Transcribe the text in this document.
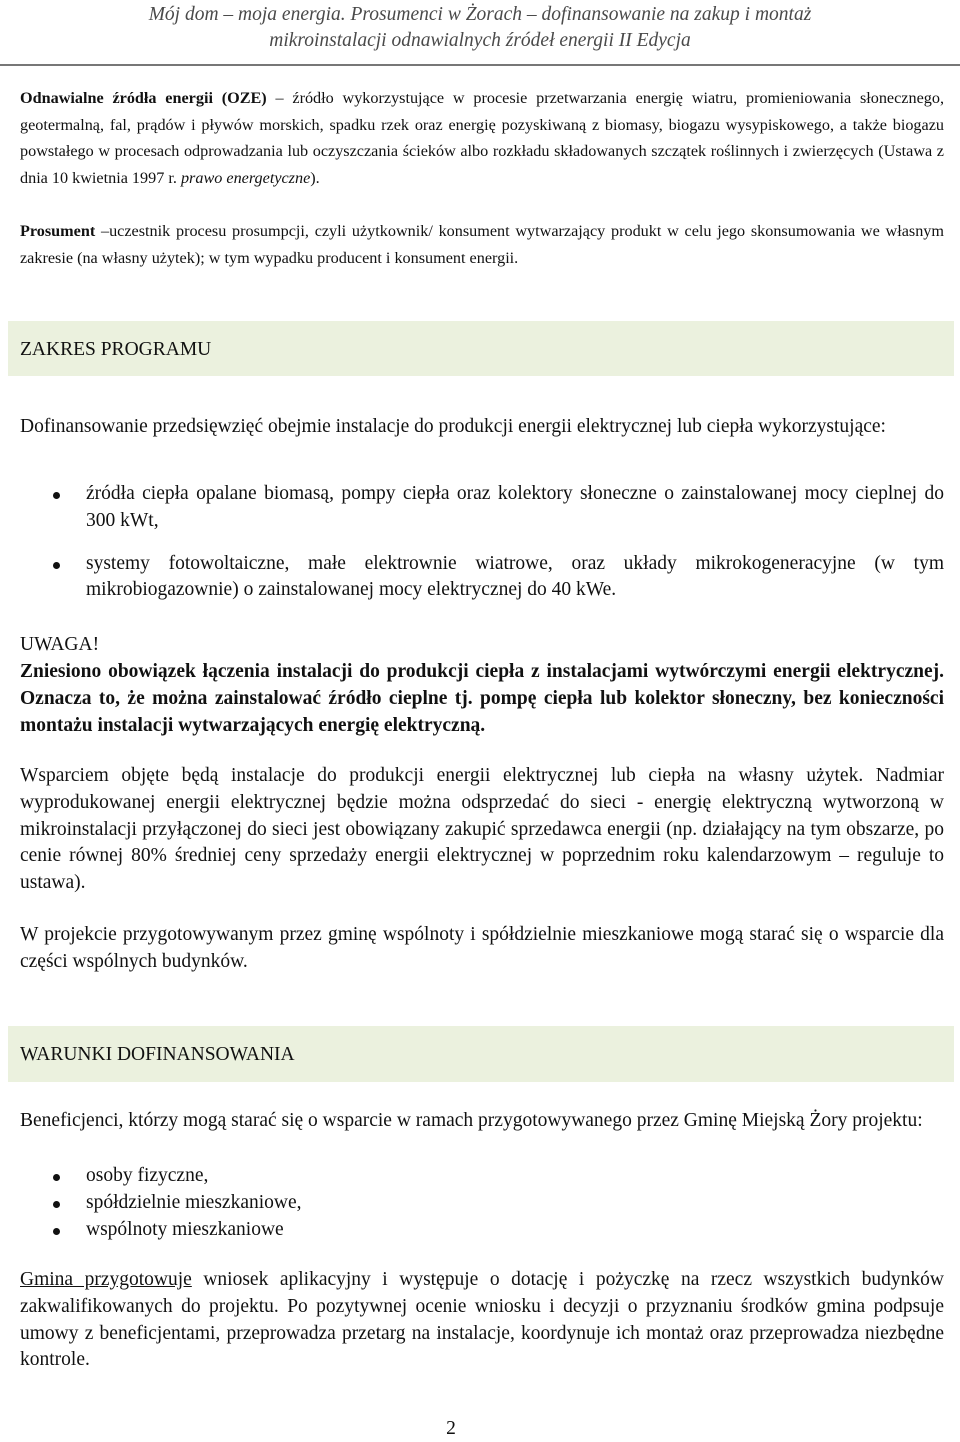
Mój dom – moja energia. Prosumenci w Żorach – dofinansowanie na zakup i montaż
mikroinstalacji odnawialnych źródeł energii II Edycja
Odnawialne źródła energii (OZE) – źródło wykorzystujące w procesie przetwarzania energię wiatru, promieniowania słonecznego, geotermalną, fal, prądów i pływów morskich, spadku rzek oraz energię pozyskiwaną z biomasy, biogazu wysypiskowego, a także biogazu powstałego w procesach odprowadzania lub oczyszczania ścieków albo rozkładu składowanych szczątek roślinnych i zwierzęcych (Ustawa z dnia 10 kwietnia 1997 r. prawo energetyczne).
Prosument –uczestnik procesu prosumpcji, czyli użytkownik/ konsument wytwarzający produkt w celu jego skonsumowania we własnym zakresie (na własny użytek); w tym wypadku producent i konsument energii.
ZAKRES PROGRAMU
Dofinansowanie przedsięwzięć obejmie instalacje do produkcji energii elektrycznej lub ciepła wykorzystujące:
źródła ciepła opalane biomasą, pompy ciepła oraz kolektory słoneczne o zainstalowanej mocy cieplnej do 300 kWt,
systemy fotowoltaiczne, małe elektrownie wiatrowe, oraz układy mikrokogeneracyjne (w tym mikrobiogazownie) o zainstalowanej mocy elektrycznej do 40 kWe.
UWAGA!
Zniesiono obowiązek łączenia instalacji do produkcji ciepła z instalacjami wytwórczymi energii elektrycznej. Oznacza to, że można zainstalować źródło cieplne tj. pompę ciepła lub kolektor słoneczny, bez konieczności montażu instalacji wytwarzających energię elektryczną.
Wsparciem objęte będą instalacje do produkcji energii elektrycznej lub ciepła na własny użytek. Nadmiar wyprodukowanej energii elektrycznej będzie można odsprzedać do sieci - energię elektryczną wytworzoną w mikroinstalacji przyłączonej do sieci jest obowiązany zakupić sprzedawca energii (np. działający na tym obszarze, po cenie równej 80% średniej ceny sprzedaży energii elektrycznej w poprzednim roku kalendarzowym – reguluje to ustawa).
W projekcie przygotowywanym przez gminę wspólnoty i spółdzielnie mieszkaniowe mogą starać się o wsparcie dla części wspólnych budynków.
WARUNKI DOFINANSOWANIA
Beneficjenci, którzy mogą starać się o wsparcie w ramach przygotowywanego przez Gminę Miejską Żory projektu:
osoby fizyczne,
spółdzielnie mieszkaniowe,
wspólnoty mieszkaniowe
Gmina przygotowuje wniosek aplikacyjny i występuje o dotację i pożyczkę na rzecz wszystkich budynków zakwalifikowanych do projektu. Po pozytywnej ocenie wniosku i decyzji o przyznaniu środków gmina podpsuje umowy z beneficjentami, przeprowadza przetarg na instalacje, koordynuje ich montaż oraz przeprowadza niezbędne kontrole.
2
